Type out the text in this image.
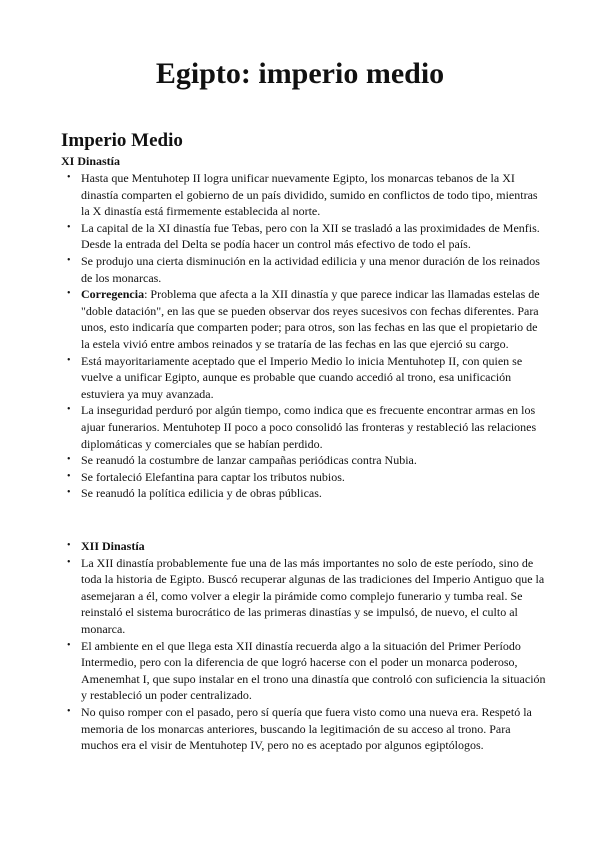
Egipto: imperio medio
Imperio Medio
XI Dinastía
• Hasta que Mentuhotep II logra unificar nuevamente Egipto, los monarcas tebanos de la XI dinastía comparten el gobierno de un país dividido, sumido en conflictos de todo tipo, mientras la X dinastía está firmemente establecida al norte.
• La capital de la XI dinastía fue Tebas, pero con la XII se trasladó a las proximidades de Menfis. Desde la entrada del Delta se podía hacer un control más efectivo de todo el país.
• Se produjo una cierta disminución en la actividad edilicia y una menor duración de los reinados de los monarcas.
• Corregencia: Problema que afecta a la XII dinastía y que parece indicar las llamadas estelas de "doble datación", en las que se pueden observar dos reyes sucesivos con fechas diferentes. Para unos, esto indicaría que comparten poder; para otros, son las fechas en las que el propietario de la estela vivió entre ambos reinados y se trataría de las fechas en las que ejerció su cargo.
• Está mayoritariamente aceptado que el Imperio Medio lo inicia Mentuhotep II, con quien se vuelve a unificar Egipto, aunque es probable que cuando accedió al trono, esa unificación estuviera ya muy avanzada.
• La inseguridad perduró por algún tiempo, como indica que es frecuente encontrar armas en los ajuar funerarios. Mentuhotep II poco a poco consolidó las fronteras y restableció las relaciones diplomáticas y comerciales que se habían perdido.
• Se reanudó la costumbre de lanzar campañas periódicas contra Nubia.
• Se fortaleció Elefantina para captar los tributos nubios.
• Se reanudó la política edilicia y de obras públicas.
• XII Dinastía
• La XII dinastía probablemente fue una de las más importantes no solo de este período, sino de toda la historia de Egipto. Buscó recuperar algunas de las tradiciones del Imperio Antiguo que la asemejaran a él, como volver a elegir la pirámide como complejo funerario y tumba real. Se reinstaló el sistema burocrático de las primeras dinastías y se impulsó, de nuevo, el culto al monarca.
• El ambiente en el que llega esta XII dinastía recuerda algo a la situación del Primer Período Intermedio, pero con la diferencia de que logró hacerse con el poder un monarca poderoso, Amenemhat I, que supo instalar en el trono una dinastía que controló con suficiencia la situación y restableció un poder centralizado.
• No quiso romper con el pasado, pero sí quería que fuera visto como una nueva era. Respetó la memoria de los monarcas anteriores, buscando la legitimación de su acceso al trono. Para muchos era el visir de Mentuhotep IV, pero no es aceptado por algunos egiptólogos.
